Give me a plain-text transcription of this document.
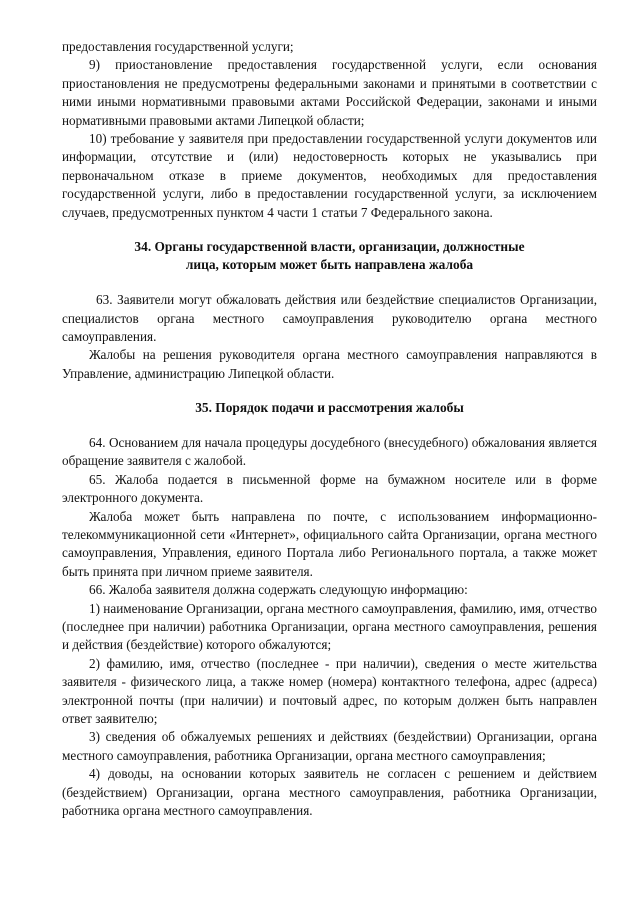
предоставления государственной услуги;

9) приостановление предоставления государственной услуги, если основания приостановления не предусмотрены федеральными законами и принятыми в соответствии с ними иными нормативными правовыми актами Российской Федерации, законами и иными нормативными правовыми актами Липецкой области;

10) требование у заявителя при предоставлении государственной услуги документов или информации, отсутствие и (или) недостоверность которых не указывались при первоначальном отказе в приеме документов, необходимых для предоставления государственной услуги, либо в предоставлении государственной услуги, за исключением случаев, предусмотренных пунктом 4 части 1 статьи 7 Федерального закона.

34. Органы государственной власти, организации, должностные
лица, которым может быть направлена жалоба

63. Заявители могут обжаловать действия или бездействие специалистов Организации, специалистов органа местного самоуправления руководителю органа местного самоуправления.

Жалобы на решения руководителя органа местного самоуправления направляются в Управление, администрацию Липецкой области.

35. Порядок подачи и рассмотрения жалобы

64. Основанием для начала процедуры досудебного (внесудебного) обжалования является обращение заявителя с жалобой.

65. Жалоба подается в письменной форме на бумажном носителе или в форме электронного документа.

Жалоба может быть направлена по почте, с использованием информационно-телекоммуникационной сети «Интернет», официального сайта Организации, органа местного самоуправления, Управления, единого Портала либо Регионального портала, а также может быть принята при личном приеме заявителя.

66. Жалоба заявителя должна содержать следующую информацию:

1) наименование Организации, органа местного самоуправления, фамилию, имя, отчество (последнее при наличии) работника Организации, органа местного самоуправления, решения и действия (бездействие) которого обжалуются;

2) фамилию, имя, отчество (последнее - при наличии), сведения о месте жительства заявителя - физического лица, а также номер (номера) контактного телефона, адрес (адреса) электронной почты (при наличии) и почтовый адрес, по которым должен быть направлен ответ заявителю;

3) сведения об обжалуемых решениях и действиях (бездействии) Организации, органа местного самоуправления, работника Организации, органа местного самоуправления;

4) доводы, на основании которых заявитель не согласен с решением и действием (бездействием) Организации, органа местного самоуправления, работника Организации, работника органа местного самоуправления.
